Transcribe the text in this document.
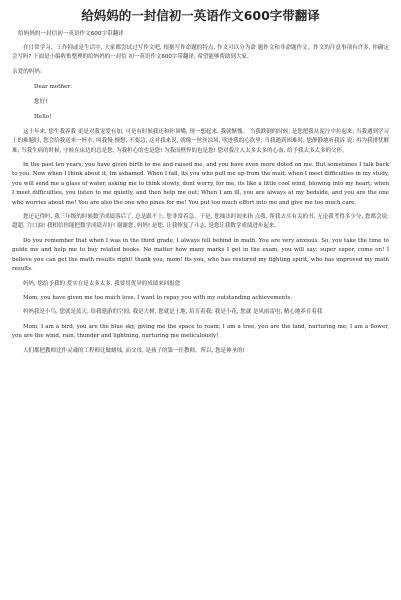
给妈妈的一封信初一英语作文600字带翻译
给妈妈的一封信初一英语作文600字带翻译
在日常学习、工作抑或是生活中, 大家都尝试过写作文吧, 根据写作命题的特点, 作文可以分为命 题作文和非命题作文。作文的注意事项有许多, 你确定会写吗? 下面是小编收集整理的给妈妈的一封信 初一英语作文600字带翻译, 希望能够帮助到大家。
亲爱的妈妈:
Dear mother:
您好!
Hello!
这十年来, 您生我养我 更是对我宠爱有加, 可是有时候我还和你顶嘴, 现一想起来, 我就惭愧。 当我跌倒的时候, 是您把我从泥泞中拉起来; 当我遇到学习上的难题时, 您会给我送来一杯水, 叫我慢 慢想, 不要急, 这对我来说, 就像一丝丝凉风, 吹进我的心坎里; 当我遇到困难时, 您静静地听我诉 说; 再为我排忧解难; 当我生病的时候, 守候在床边的总是您, 为我担心的也是您! 为我而憔悴的也是您! 您对我注入太多太多的心血, 给予我太多太多的父怀。
In the past ten years, you have given birth to me and raised me, and you have even more doted on me. But sometimes I talk back to you. Now when I think about it, Im ashamed. When I fall, its you who pull me up from the mud; when I meet difficulties in my study, you will send me a glass of water, asking me to think slowly, dont worry, for me, its like a little cool wind, blowing into my heart; when I meet difficulties, you listen to me quietly, and then help me out; When I am ill, you are always at my bedside, and you are the one who worries about me! You are also the one who pines for me! You put too much effort into me and give me too much care.
您还记得吗, 我三年级的时候数学成绩落后了, 总是跟不上, 您非常着急。于是, 您抽出时间来指 点我, 帮我去买有关的书, 无论我考得多少分, 您都会说: 超超, 力口油! 我相信你能把数学成绩弄好! 谢谢您, 妈妈! 是您, 让我恢复了斗志, 是您让我数学成绩进步起来。
Do you remember that when I was in the third grade, I always fell behind in math. You are very anxious. So, you take the time to guide me and help me to buy related books. No matter how many marks I get in the exam, you will say: super super, come on! I believe you can get the math results right! thank you, mom! Its you, who has restored my fighting spirit, who has improved my math results.
妈妈, 您给予我的 爱实在是太多太多, 我要用优异的成绩来回报您
Mom, you have given me too much love. I want to repay you with my outstanding achievements.
妈妈我是小鸟, 您就是蓝天, 给我遨游的空间; 我是大树, 您就是土地, 培育着我; 我是小花, 您就 是风雨雷电, 精心地养育着我
Mom, I am a bird, you are the blue sky, giving me the space to roam; I am a tree, you are the land, nurturing me; I am a flower, you are the wind, rain, thunder and lightning, nurturing me meticulously!
人们都把教师比作灵魂的工程师比做蜡烛, 而父母, 是孩子的第一任教师。所以, 您是神圣的!
